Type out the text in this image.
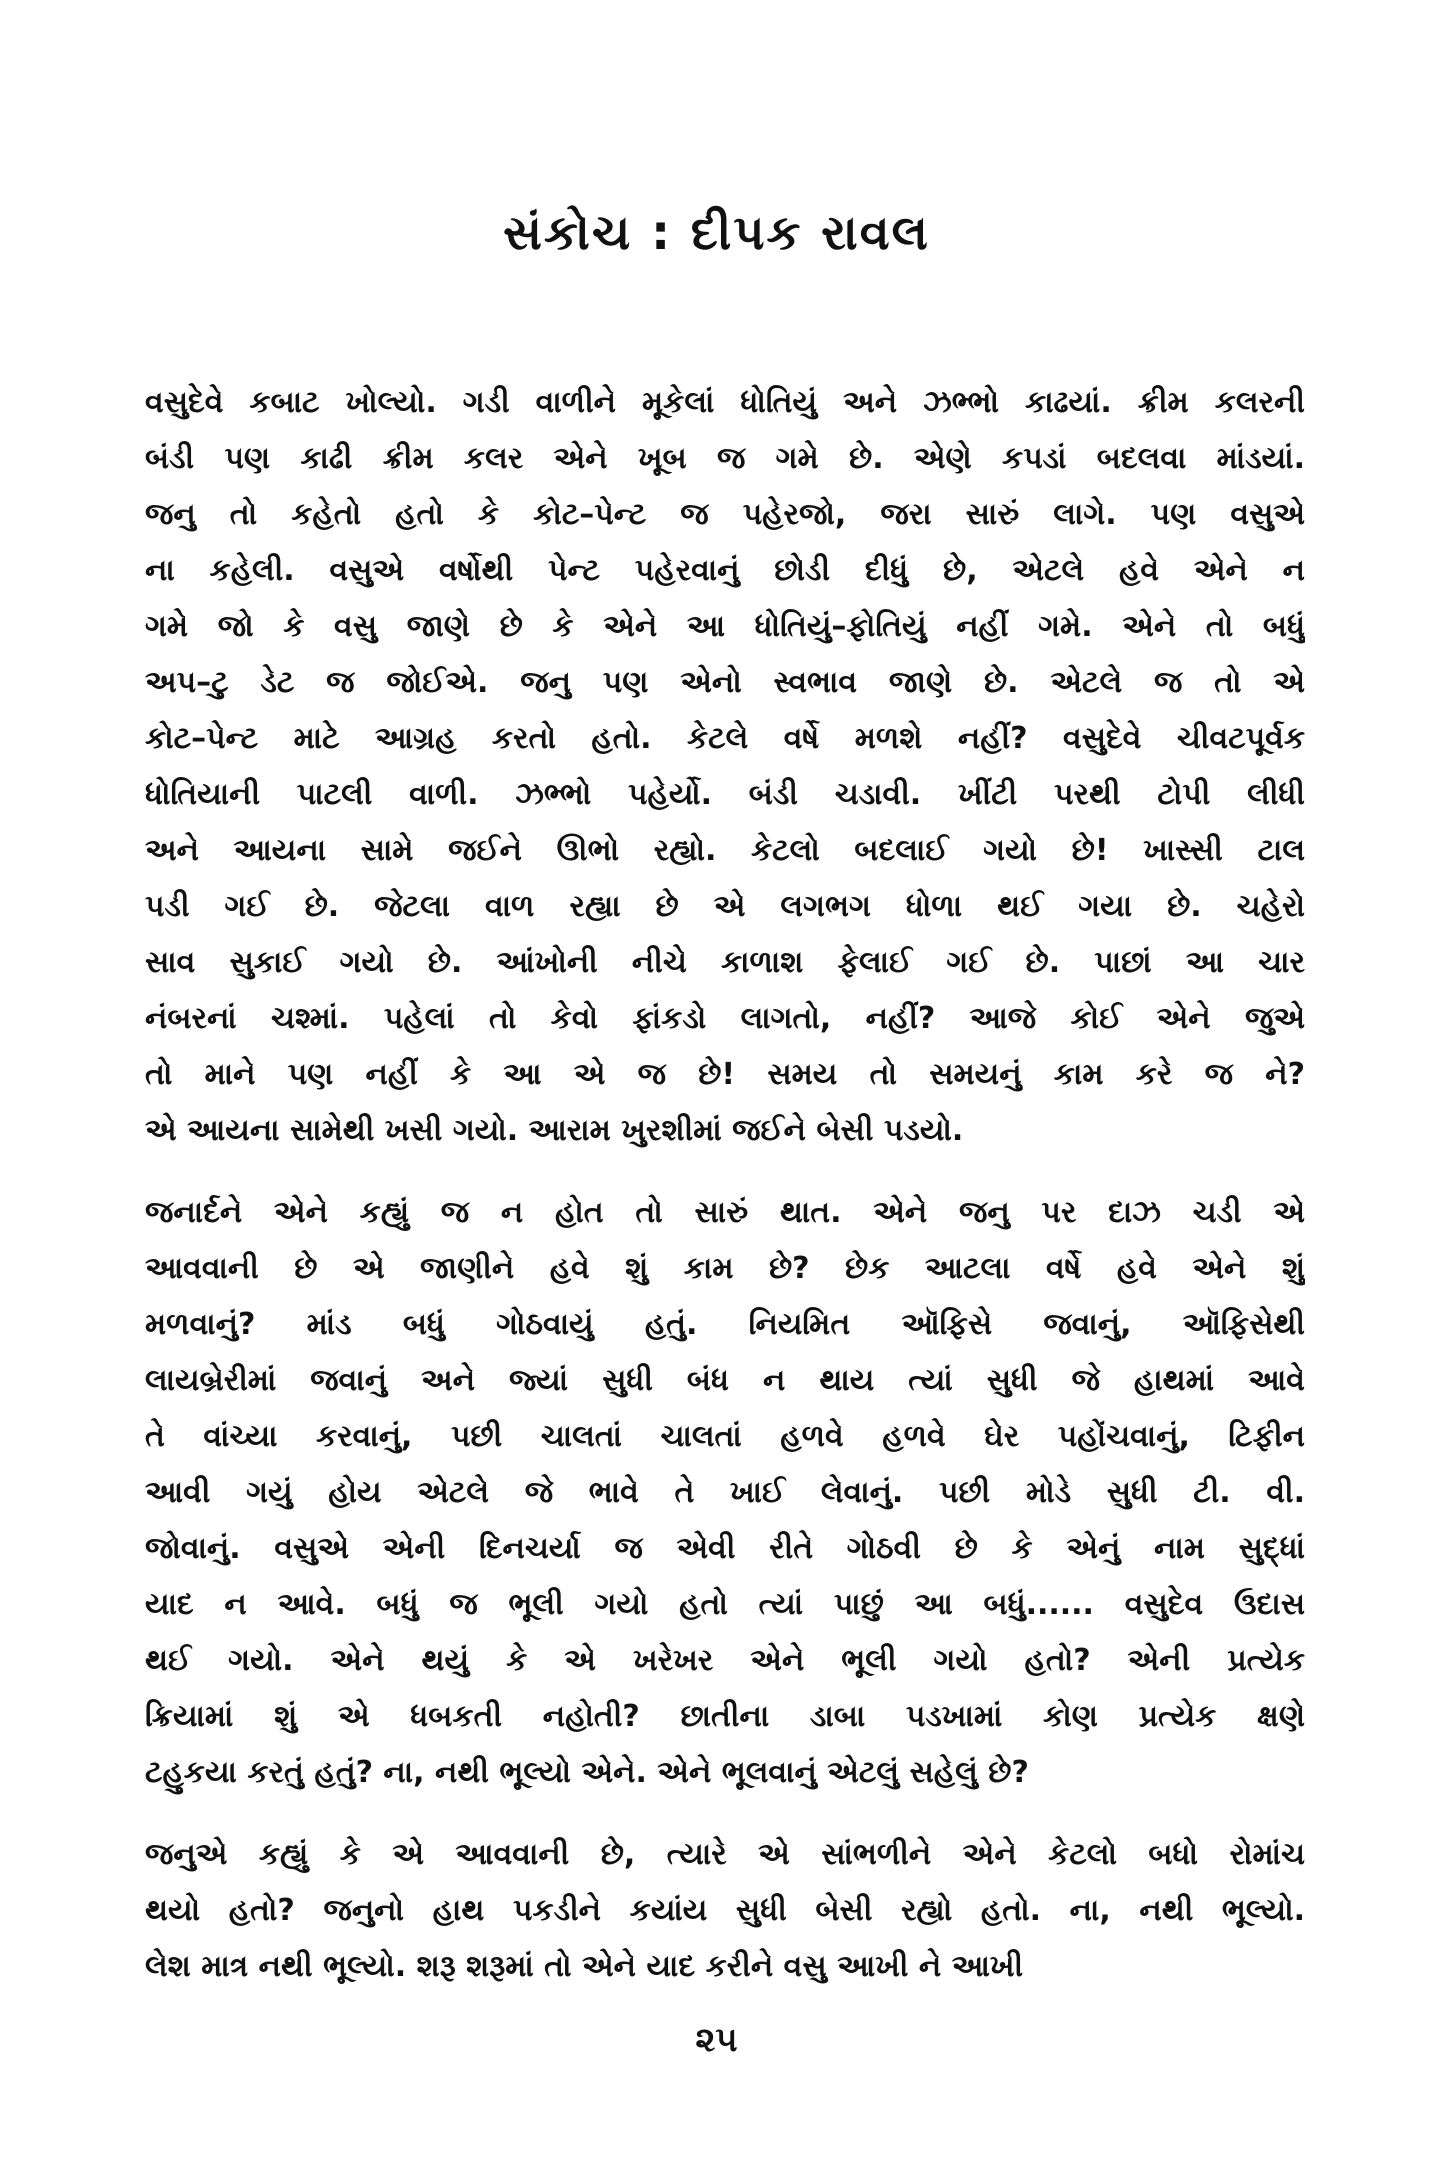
સંકોચ : દીપક રાવલ
વસુદેવે કબાટ ખોલ્યો. ગડી વાળીને મૂકેલાં ધોતિયું અને ઝભ્ભો કાઢયાં. ક્રીમ કલરની
બંડી પણ કાઢી ક્રીમ કલર એને ખૂબ જ ગમે છે. એણે કપડાં બદલવા માંડયાં.
જનુ તો કહેતો હતો કે કોટ–પેન્ટ જ પહેરજો, જરા સારું લાગે. પણ વસુએ
ના કહેલી. વસુએ વર્ષોથી પેન્ટ પહેરવાનું છોડી દીધું છે, એટલે હવે એને ન
ગમે જો કે વસુ જાણે છે કે એને આ ધોતિયું–ફોતિયું નહીં ગમે. એને તો બધું
અપ–ટુ ડેટ જ જોઈએ. જનુ પણ એનો સ્વભાવ જાણે છે. એટલે જ તો એ
કોટ–પેન્ટ માટે આગ્રહ કરતો હતો. કેટલે વર્ષે મળશે નહીં? વસુદેવે ચીવટપૂર્વક
ધોતિયાની પાટલી વાળી. ઝભ્ભો પહેર્યો. બંડી ચડાવી. ખીંટી પરથી ટોપી લીધી
અને આયના સામે જઈને ઊભો રહ્યો. કેટલો બદલાઈ ગયો છે! ખાસ્સી ટાલ
પડી ગઈ છે. જેટલા વાળ રહ્યા છે એ લગભગ ધોળા થઈ ગયા છે. ચહેરો
સાવ સુકાઈ ગયો છે. આંખોની નીચે કાળાશ ફેલાઈ ગઈ છે. પાછાં આ ચાર
નંબરનાં ચશ્માં. પહેલાં તો કેવો ફાંકડો લાગતો, નહીં? આજે કોઈ એને જુએ
તો માને પણ નહીં કે આ એ જ છે! સમય તો સમયનું કામ કરે જ ને?
એ આયના સામેથી ખસી ગયો. આરામ ખુરશીમાં જઈને બેસી પડયો.
જનાર્દને એને કહ્યું જ ન હોત તો સારું થાત. એને જનુ પર દાઝ ચડી એ
આવવાની છે એ જાણીને હવે શું કામ છે? છેક આટલા વર્ષે હવે એને શું
મળવાનું? માંડ બધું ગોઠવાયું હતું. નિયમિત ઑફિસે જવાનું, ઑફિસેથી
લાયબ્રેરીમાં જવાનું અને જ્યાં સુધી બંધ ન થાય ત્યાં સુધી જે હાથમાં આવે
તે વાંચ્યા કરવાનું, પછી ચાલતાં ચાલતાં હળવે હળવે ઘેર પહોંચવાનું, ટિફીન
આવી ગયું હોય એટલે જે ભાવે તે ખાઈ લેવાનું. પછી મોડે સુધી ટી. વી.
જોવાનું. વસુએ એની દિનચર્યા જ એવી રીતે ગોઠવી છે કે એનું નામ સુદ્ધાં
યાદ ન આવે. બધું જ ભૂલી ગયો હતો ત્યાં પાછું આ બધું...... વસુદેવ ઉદાસ
થઈ ગયો. એને થયું કે એ ખરેખર એને ભૂલી ગયો હતો? એની પ્રત્યેક
ક્રિયામાં શું એ ધબકતી નહોતી? છાતીના ડાબા પડખામાં કોણ પ્રત્યેક ક્ષણે
ટહુકયા કરતું હતું? ના, નથી ભૂલ્યો એને. એને ભૂલવાનું એટલું સહેલું છે?
જનુએ કહ્યું કે એ આવવાની છે, ત્યારે એ સાંભળીને એને કેટલો બધો રોમાંચ
થયો હતો? જનુનો હાથ પકડીને કયાંય સુધી બેસી રહ્યો હતો. ના, નથી ભૂલ્યો.
લેશ માત્ર નથી ભૂલ્યો. શરૂ શરૂમાં તો એને યાદ કરીને વસુ આખી ને આખી
૨૫
